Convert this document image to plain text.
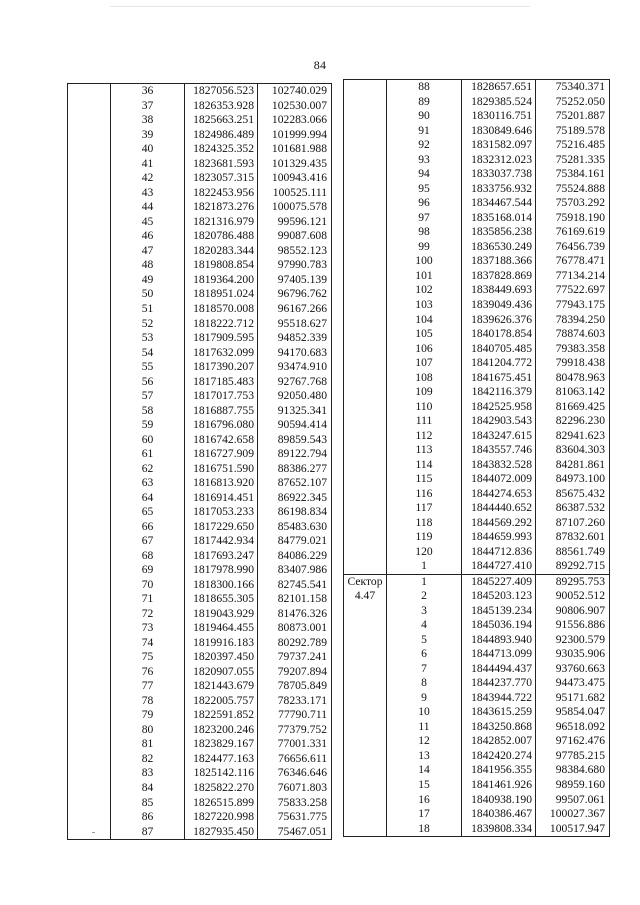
84
	36	1827056.523	102740.029
	37	1826353.928	102530.007
	38	1825663.251	102283.066
	39	1824986.489	101999.994
	40	1824325.352	101681.988
	41	1823681.593	101329.435
	42	1823057.315	100943.416
	43	1822453.956	100525.111
	44	1821873.276	100075.578
	45	1821316.979	99596.121
	46	1820786.488	99087.608
	47	1820283.344	98552.123
	48	1819808.854	97990.783
	49	1819364.200	97405.139
	50	1818951.024	96796.762
	51	1818570.008	96167.266
	52	1818222.712	95518.627
	53	1817909.595	94852.339
	54	1817632.099	94170.683
	55	1817390.207	93474.910
	56	1817185.483	92767.768
	57	1817017.753	92050.480
	58	1816887.755	91325.341
	59	1816796.080	90594.414
	60	1816742.658	89859.543
	61	1816727.909	89122.794
	62	1816751.590	88386.277
	63	1816813.920	87652.107
	64	1816914.451	86922.345
	65	1817053.233	86198.834
	66	1817229.650	85483.630
	67	1817442.934	84779.021
	68	1817693.247	84086.229
	69	1817978.990	83407.986
	70	1818300.166	82745.541
	71	1818655.305	82101.158
	72	1819043.929	81476.326
	73	1819464.455	80873.001
	74	1819916.183	80292.789
	75	1820397.450	79737.241
	76	1820907.055	79207.894
	77	1821443.679	78705.849
	78	1822005.757	78233.171
	79	1822591.852	77790.711
	80	1823200.246	77379.752
	81	1823829.167	77001.331
	82	1824477.163	76656.611
	83	1825142.116	76346.646
	84	1825822.270	76071.803
	85	1826515.899	75833.258
	86	1827220.998	75631.775
	87	1827935.450	75467.051
	88	1828657.651	75340.371
	89	1829385.524	75252.050
	90	1830116.751	75201.887
	91	1830849.646	75189.578
	92	1831582.097	75216.485
	93	1832312.023	75281.335
	94	1833037.738	75384.161
	95	1833756.932	75524.888
	96	1834467.544	75703.292
	97	1835168.014	75918.190
	98	1835856.238	76169.619
	99	1836530.249	76456.739
	100	1837188.366	76778.471
	101	1837828.869	77134.214
	102	1838449.693	77522.697
	103	1839049.436	77943.175
	104	1839626.376	78394.250
	105	1840178.854	78874.603
	106	1840705.485	79383.358
	107	1841204.772	79918.438
	108	1841675.451	80478.963
	109	1842116.379	81063.142
	110	1842525.958	81669.425
	111	1842903.543	82296.230
	112	1843247.615	82941.623
	113	1843557.746	83604.303
	114	1843832.528	84281.861
	115	1844072.009	84973.100
	116	1844274.653	85675.432
	117	1844440.652	86387.532
	118	1844569.292	87107.260
	119	1844659.993	87832.601
	120	1844712.836	88561.749
	1	1844727.410	89292.715
Сектор	1	1845227.409	89295.753
4.47	2	1845203.123	90052.512
	3	1845139.234	90806.907
	4	1845036.194	91556.886
	5	1844893.940	92300.579
	6	1844713.099	93035.906
	7	1844494.437	93760.663
	8	1844237.770	94473.475
	9	1843944.722	95171.682
	10	1843615.259	95854.047
	11	1843250.868	96518.092
	12	1842852.007	97162.476
	13	1842420.274	97785.215
	14	1841956.355	98384.680
	15	1841461.926	98959.160
	16	1840938.190	99507.061
	17	1840386.467	100027.367
	18	1839808.334	100517.947
